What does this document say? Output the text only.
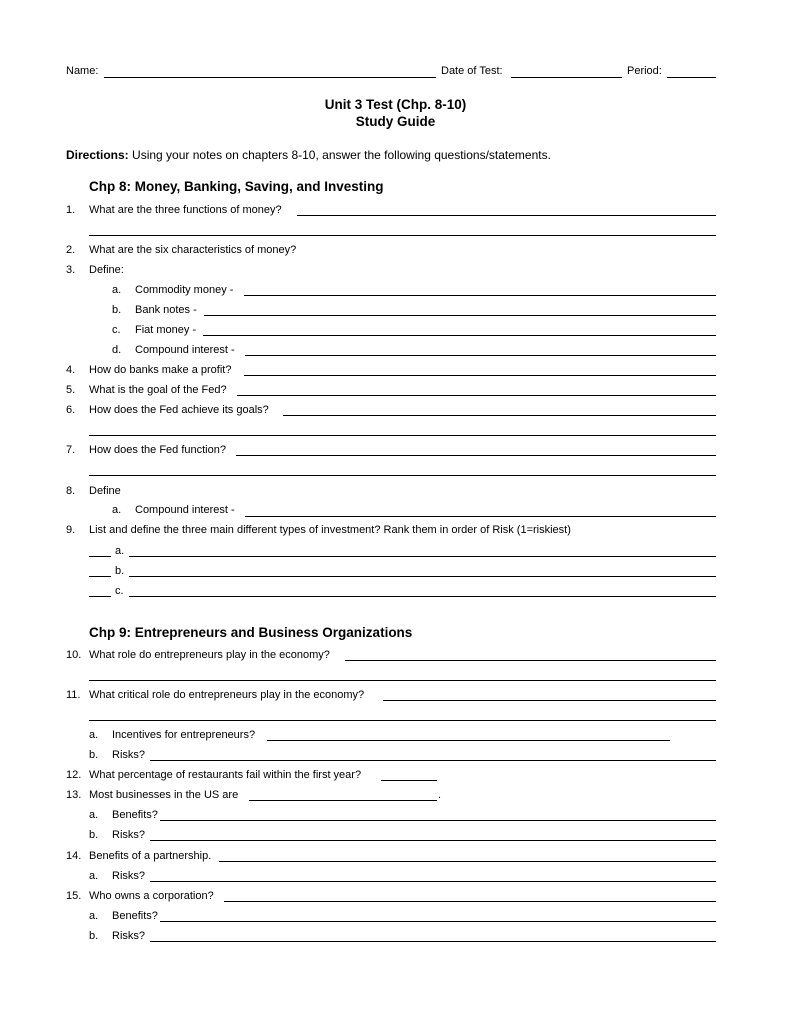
Name:	Date of Test:	Period:
Unit 3 Test (Chp. 8-10)
Study Guide
Directions: Using your notes on chapters 8-10, answer the following questions/statements.
Chp 8: Money, Banking, Saving, and Investing
1. What are the three functions of money?
2. What are the six characteristics of money?
3. Define:
a. Commodity money -
b. Bank notes -
c. Fiat money -
d. Compound interest -
4. How do banks make a profit?
5. What is the goal of the Fed?
6. How does the Fed achieve its goals?
7. How does the Fed function?
8. Define
a. Compound interest -
9. List and define the three main different types of investment? Rank them in order of Risk (1=riskiest)
a.
b.
c.
Chp 9: Entrepreneurs and Business Organizations
10. What role do entrepreneurs play in the economy?
11. What critical role do entrepreneurs play in the economy?
a. Incentives for entrepreneurs?
b. Risks?
12. What percentage of restaurants fail within the first year?
13. Most businesses in the US are	.
a. Benefits?
b. Risks?
14. Benefits of a partnership.
a. Risks?
15. Who owns a corporation?
a. Benefits?
b. Risks?
